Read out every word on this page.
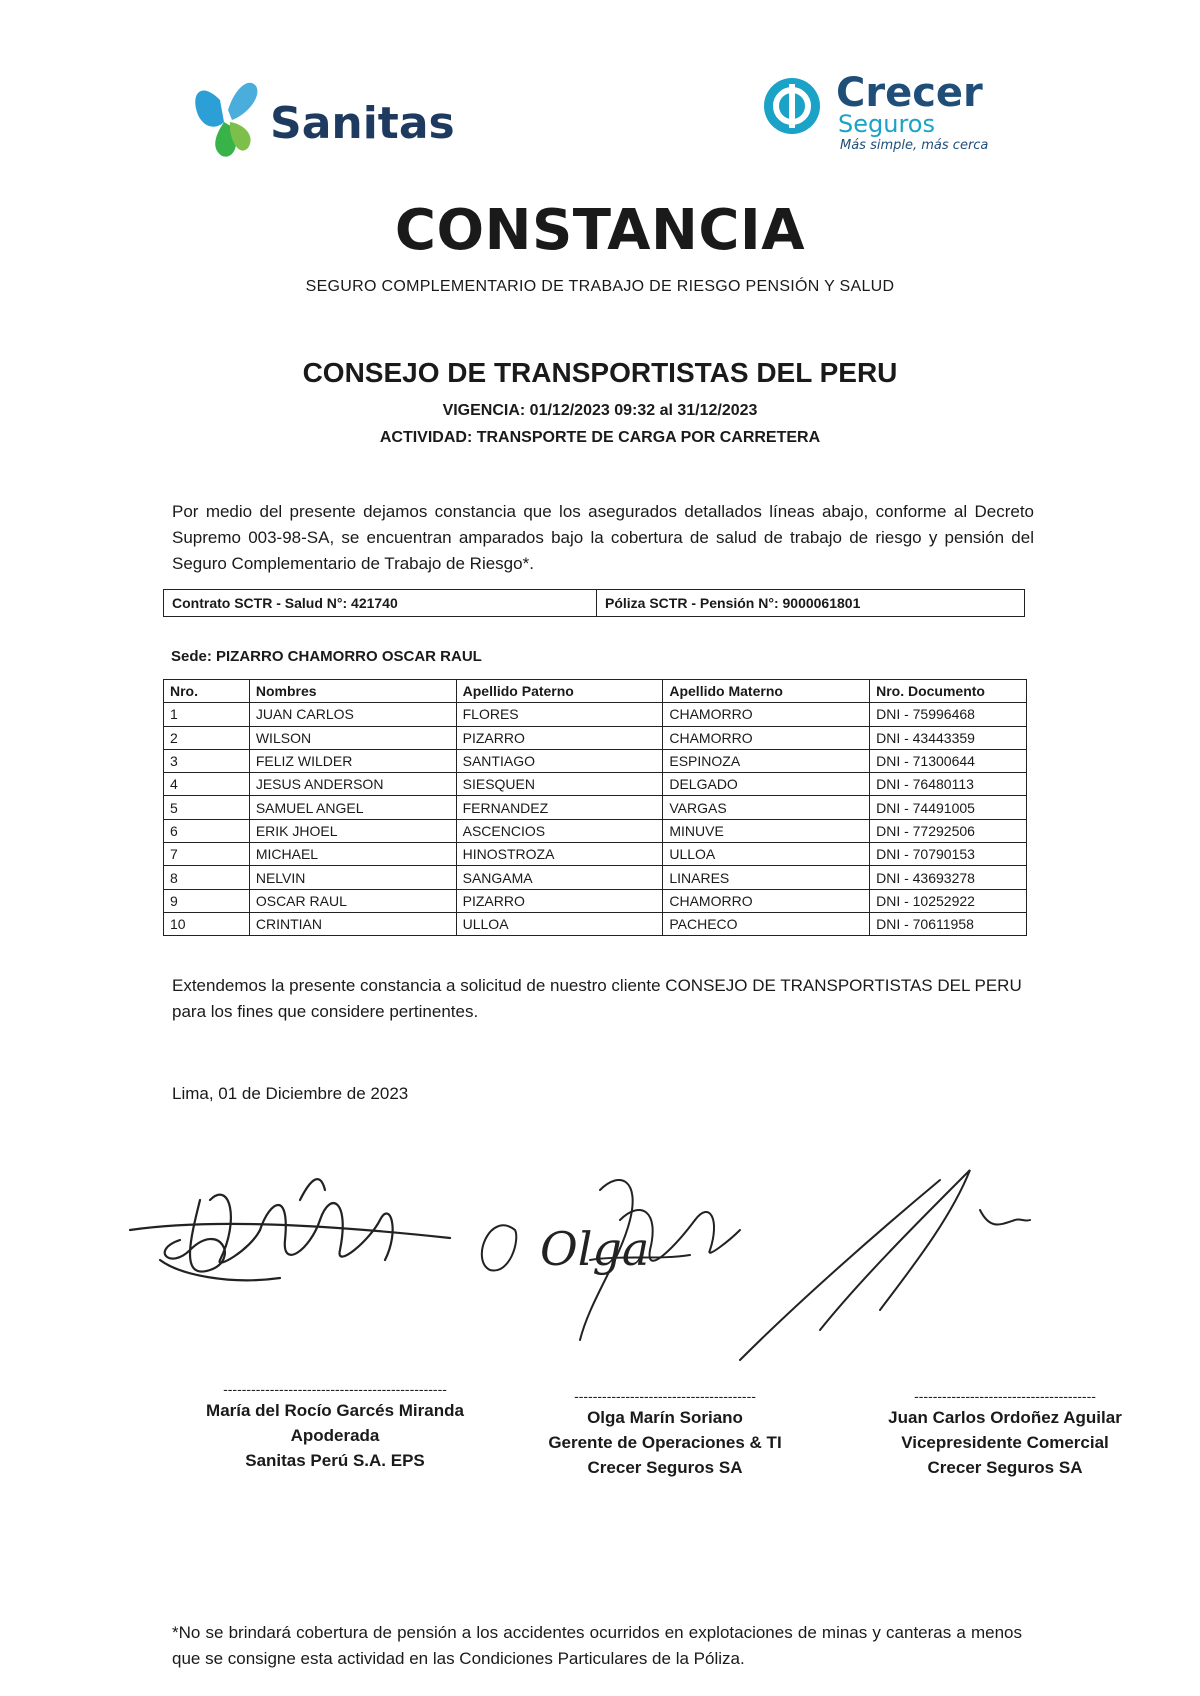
Sanitas
Crecer
Seguros
Más simple, más cerca
CONSTANCIA
SEGURO COMPLEMENTARIO DE TRABAJO DE RIESGO PENSIÓN Y SALUD
CONSEJO DE TRANSPORTISTAS DEL PERU
VIGENCIA: 01/12/2023 09:32 al 31/12/2023
ACTIVIDAD: TRANSPORTE DE CARGA POR CARRETERA
Por medio del presente dejamos constancia que los asegurados detallados líneas abajo, conforme al Decreto Supremo 003-98-SA, se encuentran amparados bajo la cobertura de salud de trabajo de riesgo y pensión del Seguro Complementario de Trabajo de Riesgo*.
Contrato SCTR - Salud N°: 421740	Póliza SCTR - Pensión N°: 9000061801
Sede: PIZARRO CHAMORRO OSCAR RAUL
Nro.	Nombres	Apellido Paterno	Apellido Materno	Nro. Documento
1	JUAN CARLOS	FLORES	CHAMORRO	DNI - 75996468
2	WILSON	PIZARRO	CHAMORRO	DNI - 43443359
3	FELIZ WILDER	SANTIAGO	ESPINOZA	DNI - 71300644
4	JESUS ANDERSON	SIESQUEN	DELGADO	DNI - 76480113
5	SAMUEL ANGEL	FERNANDEZ	VARGAS	DNI - 74491005
6	ERIK JHOEL	ASCENCIOS	MINUVE	DNI - 77292506
7	MICHAEL	HINOSTROZA	ULLOA	DNI - 70790153
8	NELVIN	SANGAMA	LINARES	DNI - 43693278
9	OSCAR RAUL	PIZARRO	CHAMORRO	DNI - 10252922
10	CRINTIAN	ULLOA	PACHECO	DNI - 70611958
Extendemos la presente constancia a solicitud de nuestro cliente CONSEJO DE TRANSPORTISTAS DEL PERU para los fines que considere pertinentes.
Lima, 01 de Diciembre de 2023
Olga
------------------------------------------------
María del Rocío Garcés Miranda
Apoderada
Sanitas Perú S.A. EPS
---------------------------------------
Olga Marín Soriano
Gerente de Operaciones & TI
Crecer Seguros SA
---------------------------------------
Juan Carlos Ordoñez Aguilar
Vicepresidente Comercial
Crecer Seguros SA
*No se brindará cobertura de pensión a los accidentes ocurridos en explotaciones de minas y canteras a menos que se consigne esta actividad en las Condiciones Particulares de la Póliza.
